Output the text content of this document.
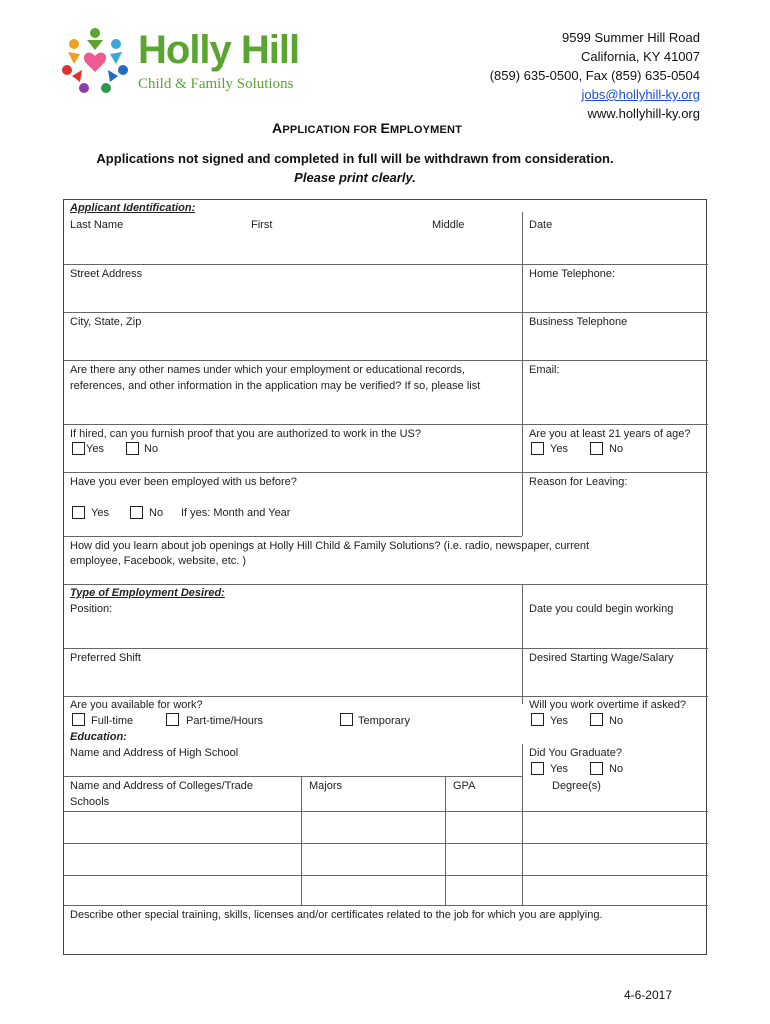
Holly Hill
Child & Family Solutions
9599 Summer Hill Road
California, KY 41007
(859) 635-0500, Fax (859) 635-0504
jobs@hollyhill-ky.org
www.hollyhill-ky.org
APPLICATION FOR EMPLOYMENT
Applications not signed and completed in full will be withdrawn from consideration.
Please print clearly.
Applicant Identification:
Last Name	First	Middle	Date
Street Address	Home Telephone:
City, State, Zip	Business Telephone
Are there any other names under which your employment or educational records,
references, and other information in the application may be verified? If so, please list
Email:
If hired, can you furnish proof that you are authorized to work in the US?
Yes	No
Are you at least 21 years of age?
Yes	No
Have you ever been employed with us before?
Yes	No If yes: Month and Year
Reason for Leaving:
How did you learn about job openings at Holly Hill Child & Family Solutions? (i.e. radio, newspaper, current
employee, Facebook, website, etc. )
Type of Employment Desired:
Position:	Date you could begin working
Preferred Shift	Desired Starting Wage/Salary
Are you available for work?
Full-time	Part-time/Hours	Temporary
Will you work overtime if asked?
Yes	No
Education:
Name and Address of High School	Did You Graduate?
Yes	No
Name and Address of Colleges/Trade
Schools
Majors	GPA	Degree(s)
Describe other special training, skills, licenses and/or certificates related to the job for which you are applying.
4-6-2017
